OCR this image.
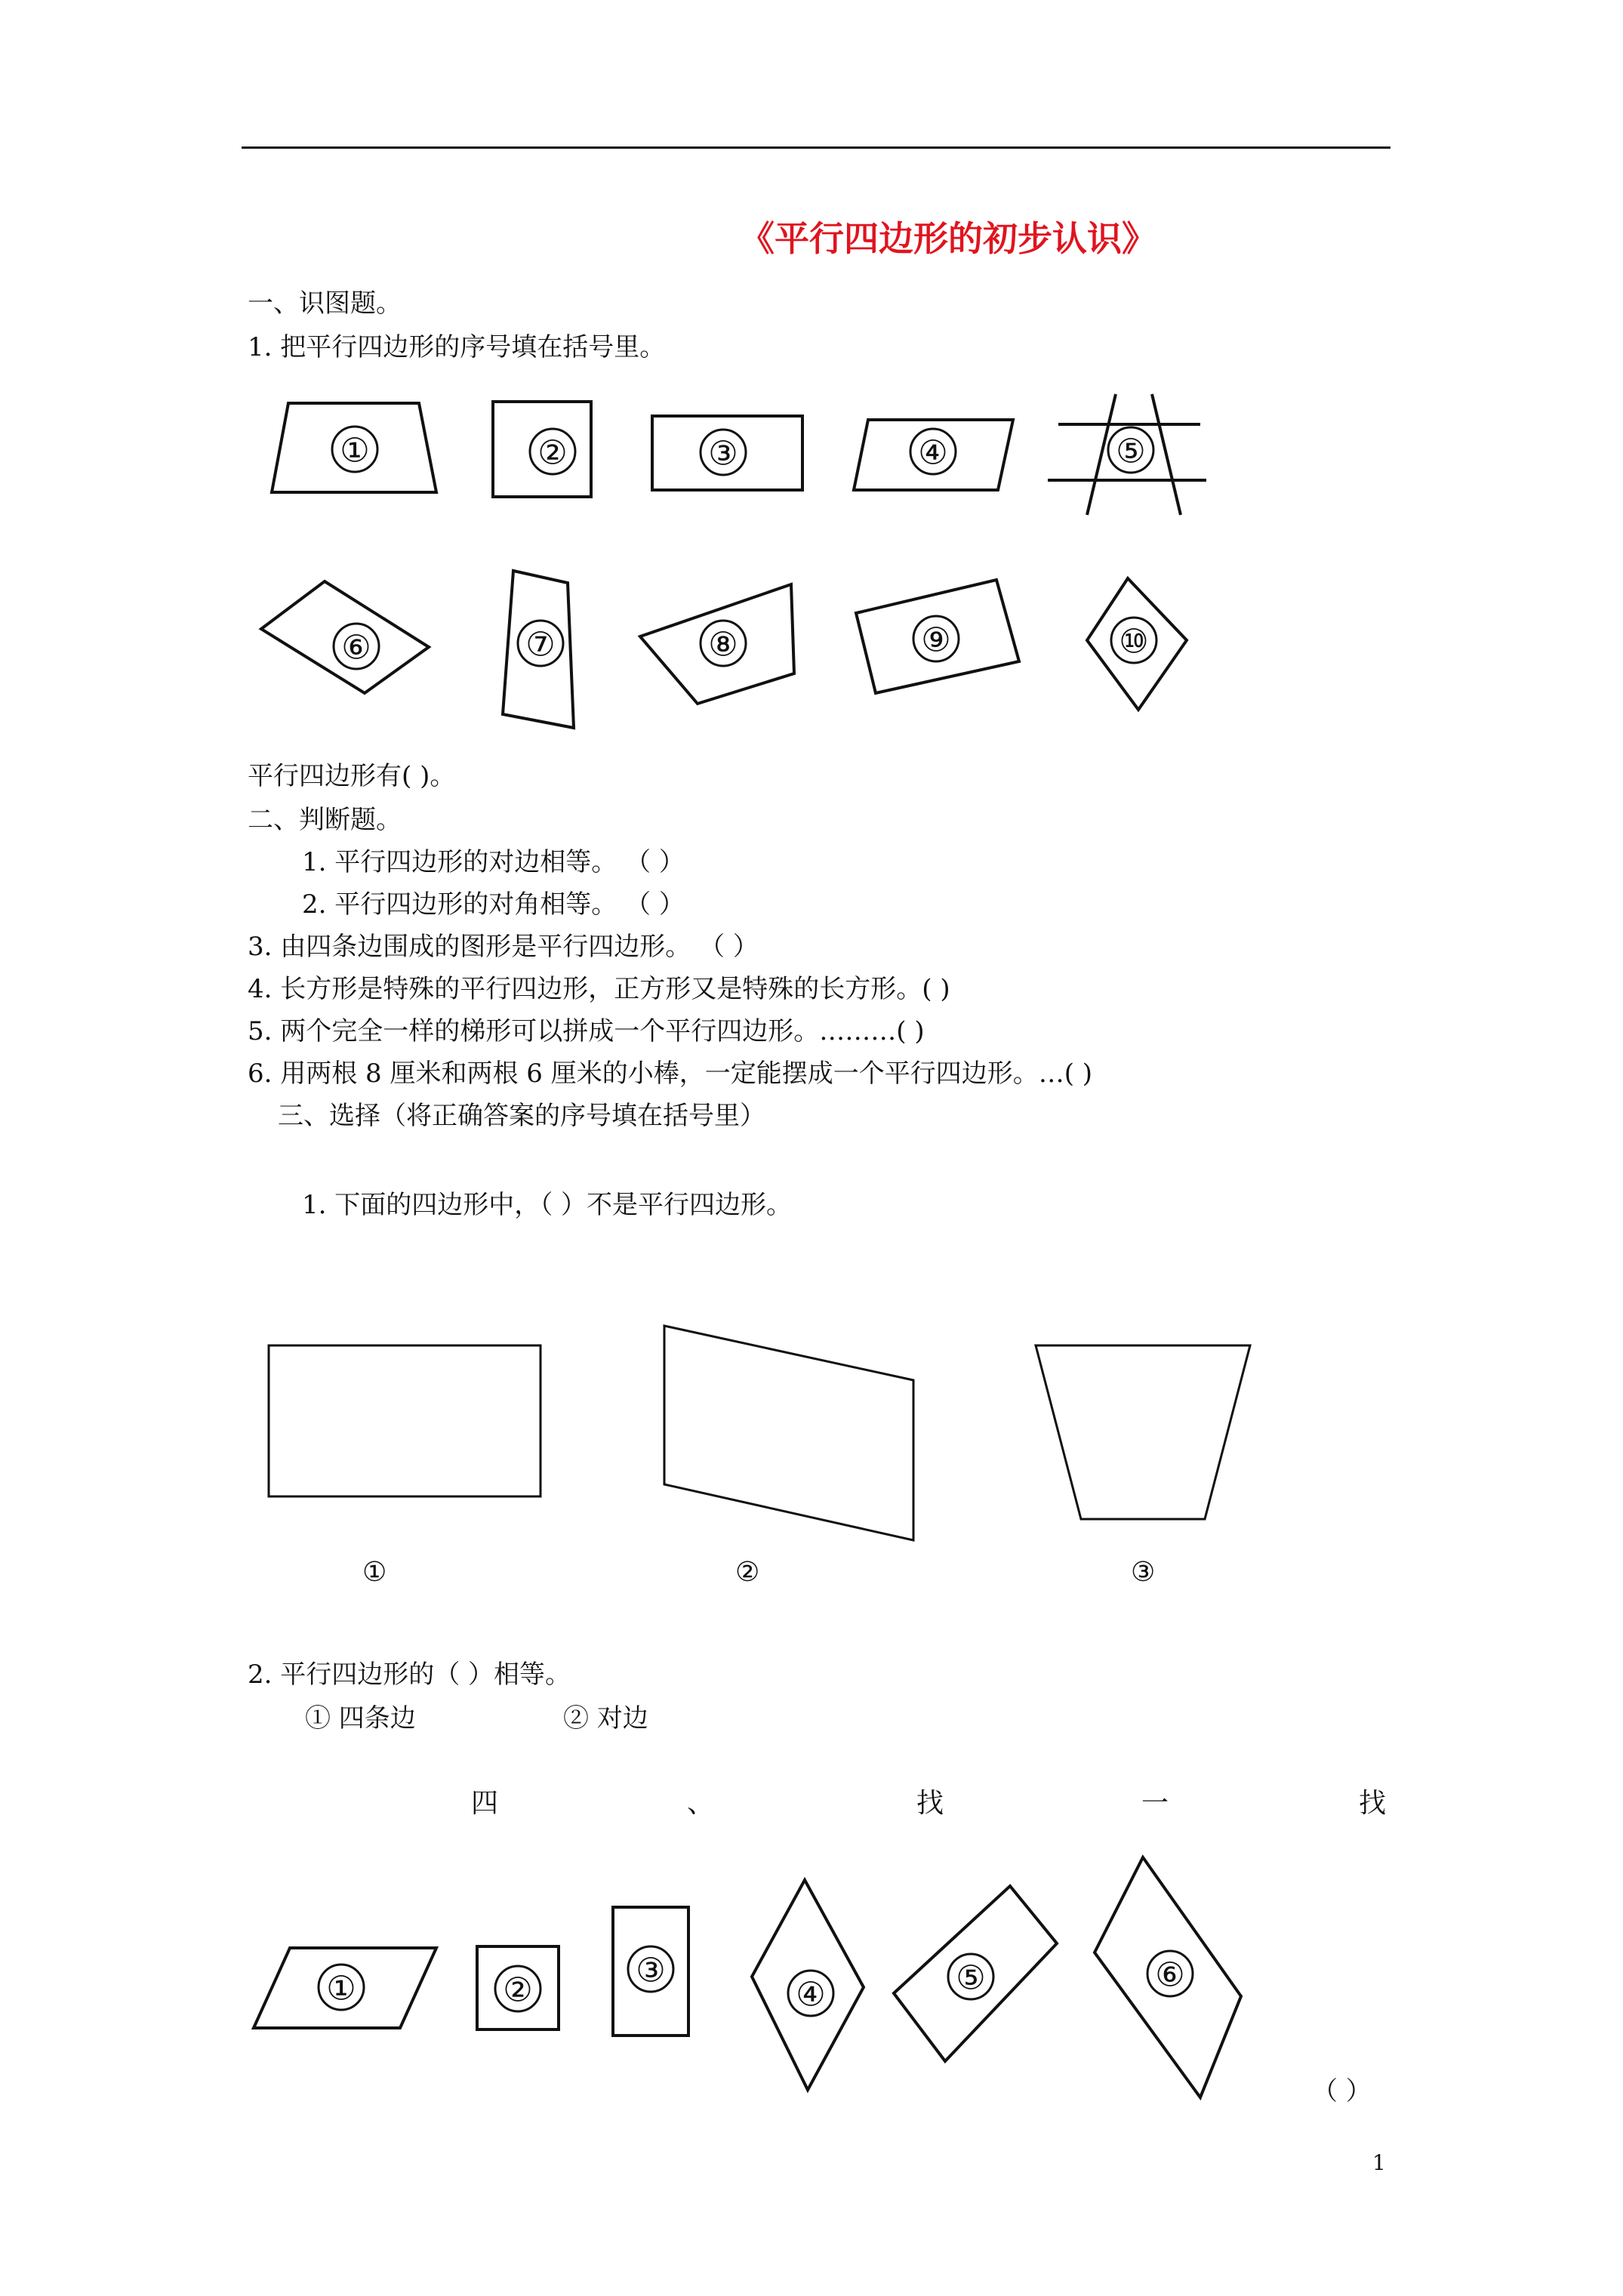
《平行四边形的初步认识》
一、识图题。
1. 把平行四边形的序号填在括号里。
①	②	③	④	⑤
⑥	⑦	⑧	⑨	⑩
平行四边形有( )。
二、判断题。
1. 平行四边形的对边相等。 （ ）
2. 平行四边形的对角相等。 （ ）
3. 由四条边围成的图形是平行四边形。 （ ）
4. 长方形是特殊的平行四边形，正方形又是特殊的长方形。( )
5. 两个完全一样的梯形可以拼成一个平行四边形。………( )
6. 用两根 8 厘米和两根 6 厘米的小棒，一定能摆成一个平行四边形。…( )
三、选择（将正确答案的序号填在括号里）
1. 下面的四边形中，（ ）不是平行四边形。
①	②	③
2. 平行四边形的（ ）相等。
① 四条边	② 对边
四	、	找	一	找
①	②
③
④	⑤	⑥
（ ）
1
